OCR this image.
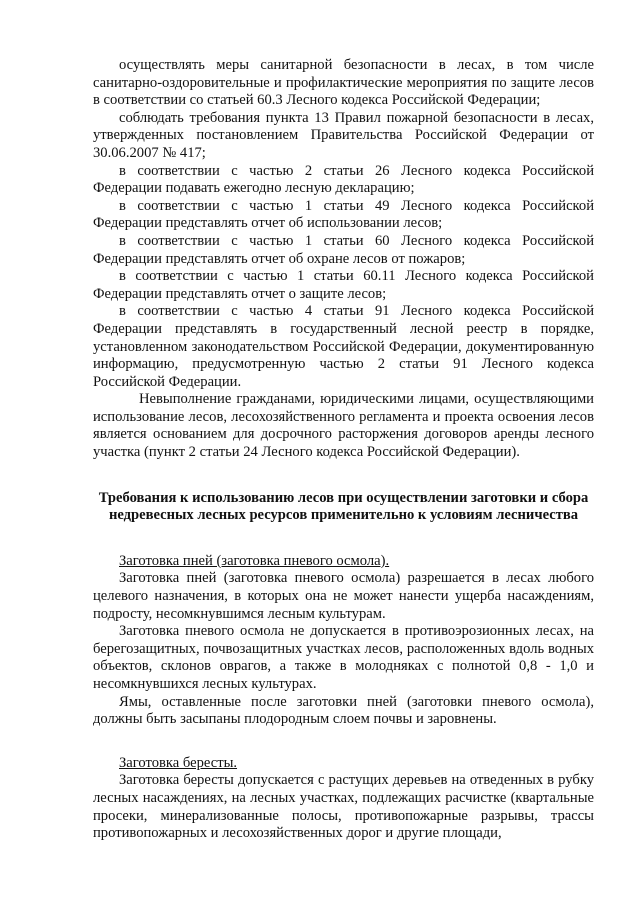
осуществлять меры санитарной безопасности в лесах, в том числе санитарно-оздоровительные и профилактические мероприятия по защите лесов в соответствии со статьей 60.3 Лесного кодекса Российской Федерации;

соблюдать требования пункта 13 Правил пожарной безопасности в лесах, утвержденных постановлением Правительства Российской Федерации от 30.06.2007 № 417;

в соответствии с частью 2 статьи 26 Лесного кодекса Российской Федерации подавать ежегодно лесную декларацию;

в соответствии с частью 1 статьи 49 Лесного кодекса Российской Федерации представлять отчет об использовании лесов;

в соответствии с частью 1 статьи 60 Лесного кодекса Российской Федерации представлять отчет об охране лесов от пожаров;

в соответствии с частью 1 статьи 60.11 Лесного кодекса Российской Федерации представлять отчет о защите лесов;

в соответствии с частью 4 статьи 91 Лесного кодекса Российской Федерации представлять в государственный лесной реестр в порядке, установленном законодательством Российской Федерации, документированную информацию, предусмотренную частью 2 статьи 91 Лесного кодекса Российской Федерации.

Невыполнение гражданами, юридическими лицами, осуществляющими использование лесов, лесохозяйственного регламента и проекта освоения лесов является основанием для досрочного расторжения договоров аренды лесного участка (пункт 2 статьи 24 Лесного кодекса Российской Федерации).

Требования к использованию лесов при осуществлении заготовки и сбора недревесных лесных ресурсов применительно к условиям лесничества

Заготовка пней (заготовка пневого осмола).

Заготовка пней (заготовка пневого осмола) разрешается в лесах любого целевого назначения, в которых она не может нанести ущерба насаждениям, подросту, несомкнувшимся лесным культурам.

Заготовка пневого осмола не допускается в противоэрозионных лесах, на берегозащитных, почвозащитных участках лесов, расположенных вдоль водных объектов, склонов оврагов, а также в молодняках с полнотой 0,8 - 1,0 и несомкнувшихся лесных культурах.

Ямы, оставленные после заготовки пней (заготовки пневого осмола), должны быть засыпаны плодородным слоем почвы и заровнены.

Заготовка бересты.

Заготовка бересты допускается с растущих деревьев на отведенных в рубку лесных насаждениях, на лесных участках, подлежащих расчистке (квартальные просеки, минерализованные полосы, противопожарные разрывы, трассы противопожарных и лесохозяйственных дорог и другие площади,
